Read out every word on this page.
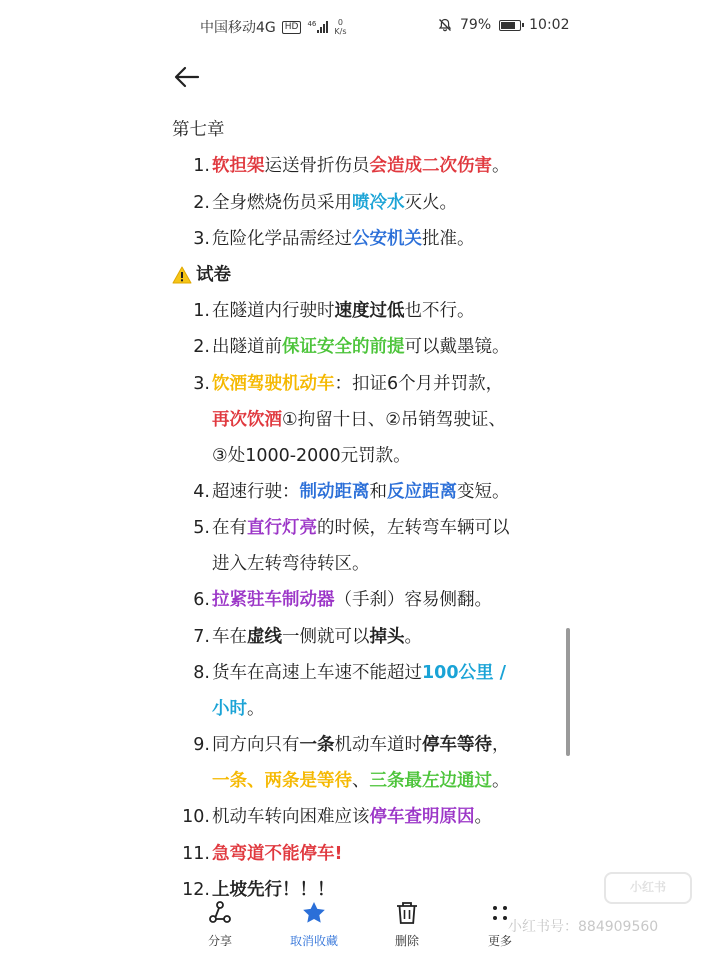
中国移动4G	HD	46	0
K/s	79%	10:02
第七章
1. 软担架运送骨折伤员会造成二次伤害。
2. 全身燃烧伤员采用喷冷水灭火。
3. 危险化学品需经过公安机关批准。
试卷
1. 在隧道内行驶时速度过低也不行。
2. 出隧道前保证安全的前提可以戴墨镜。
3. 饮酒驾驶机动车：扣证6个月并罚款，
再次饮酒①拘留十日、②吊销驾驶证、
③处1000-2000元罚款。
4. 超速行驶：制动距离和反应距离变短。
5. 在有直行灯亮的时候，左转弯车辆可以
进入左转弯待转区。
6. 拉紧驻车制动器（手刹）容易侧翻。
7. 车在虚线一侧就可以掉头。
8. 货车在高速上车速不能超过100公里 /
小时。
9. 同方向只有一条机动车道时停车等待，
一条、两条是等待、三条最左边通过。
10. 机动车转向困难应该停车查明原因。
11. 急弯道不能停车!
12. 上坡先行！！！	小红书
小红书号：884909560
分享	取消收藏	删除	更多
